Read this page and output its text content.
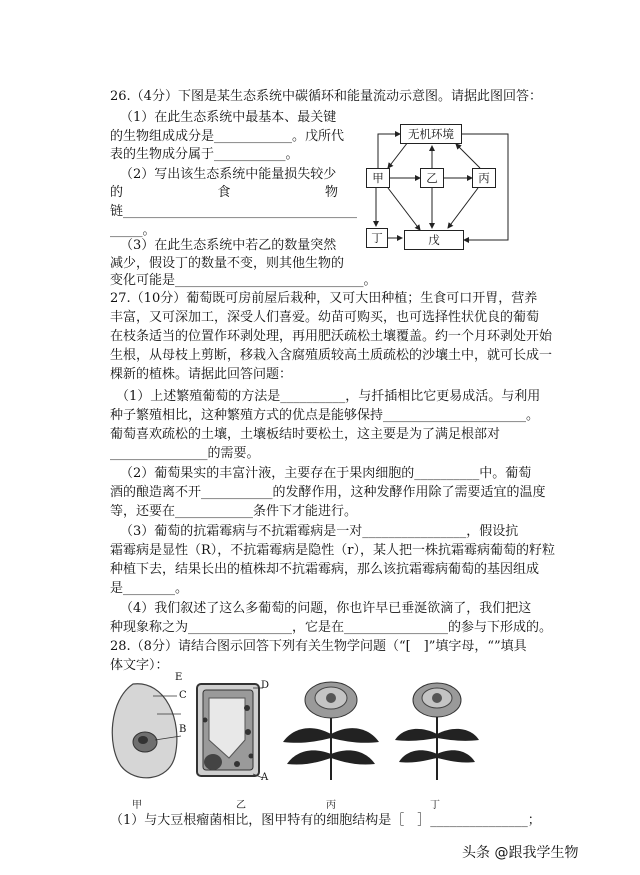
26.（4分）下图是某生态系统中碳循环和能量流动示意图。请据此图回答：
（1）在此生态系统中最基本、最关键
的生物组成成分是____________。戊所代
表的生物成分属于___________。
（2）写出该生态系统中能量损失较少
的	食	物
链____________________________________
_____。
（3）在此生态系统中若乙的数量突然
减少，假设丁的数量不变，则其他生物的
变化可能是_____________________________。
无机环境
甲	乙	丙
丁	戊
27.（10分）葡萄既可房前屋后栽种，又可大田种植；生食可口开胃，营养
丰富，又可深加工，深受人们喜爱。幼苗可购买，也可选择性状优良的葡萄
在枝条适当的位置作环剥处理，再用肥沃疏松土壤覆盖。约一个月环剥处开始
生根，从母枝上剪断，移栽入含腐殖质较高土质疏松的沙壤土中，就可长成一
棵新的植株。请据此回答问题：
（1）上述繁殖葡萄的方法是__________，与扦插相比它更易成活。与利用
种子繁殖相比，这种繁殖方式的优点是能够保持______________________。
葡萄喜欢疏松的土壤，土壤板结时要松土，这主要是为了满足根部对
_______________的需要。
（2）葡萄果实的丰富汁液，主要存在于果肉细胞的__________中。葡萄
酒的酿造离不开___________的发酵作用，这种发酵作用除了需要适宜的温度
等，还要在____________条件下才能进行。
（3）葡萄的抗霜霉病与不抗霜霉病是一对________________，假设抗
霜霉病是显性（R），不抗霜霉病是隐性（r），某人把一株抗霜霉病葡萄的籽粒
种植下去，结果长出的植株却不抗霜霉病，那么该抗霜霉病葡萄的基因组成
是________。
（4）我们叙述了这么多葡萄的问题，你也许早已垂涎欲滴了，我们把这
种现象称之为________________，它是在________________的参与下形成的。
28.（8分）请结合图示回答下列有关生物学问题（“[　]”填字母，“”填具
体文字）：
E
C
B
D
A
甲	乙	丙	丁
（1）与大豆根瘤菌相比，图甲特有的细胞结构是［　］_______________；
头条 @跟我学生物
